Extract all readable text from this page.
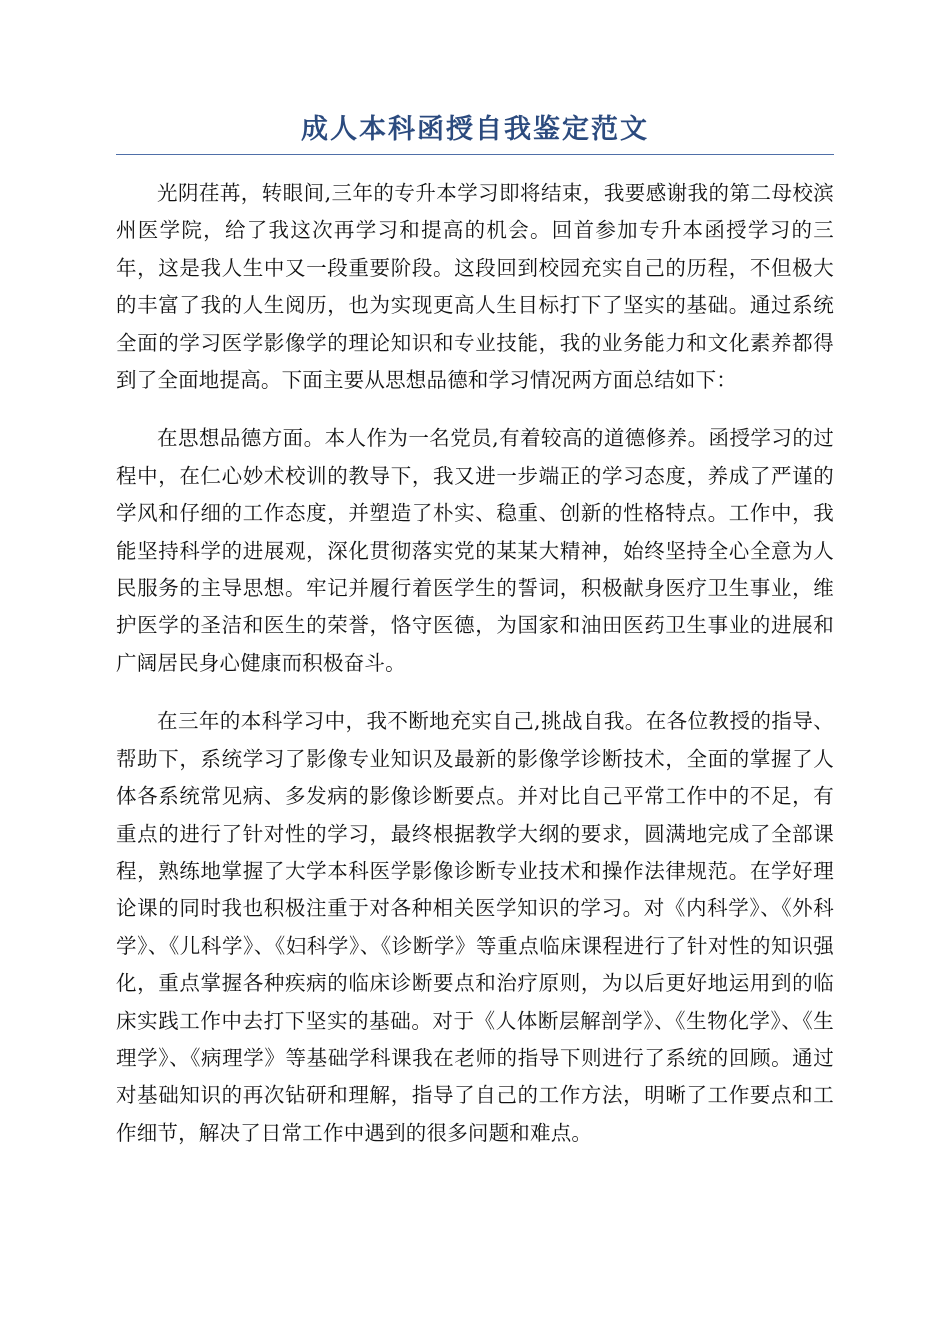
成人本科函授自我鉴定范文

光阴荏苒，转眼间,三年的专升本学习即将结束，我要感谢我的第二母校滨州医学院，给了我这次再学习和提高的机会。回首参加专升本函授学习的三年，这是我人生中又一段重要阶段。这段回到校园充实自己的历程，不但极大的丰富了我的人生阅历，也为实现更高人生目标打下了坚实的基础。通过系统全面的学习医学影像学的理论知识和专业技能，我的业务能力和文化素养都得到了全面地提高。下面主要从思想品德和学习情况两方面总结如下：

在思想品德方面。本人作为一名党员,有着较高的道德修养。函授学习的过程中，在仁心妙术校训的教导下，我又进一步端正的学习态度，养成了严谨的学风和仔细的工作态度，并塑造了朴实、稳重、创新的性格特点。工作中，我能坚持科学的进展观，深化贯彻落实党的某某大精神，始终坚持全心全意为人民服务的主导思想。牢记并履行着医学生的誓词，积极献身医疗卫生事业，维护医学的圣洁和医生的荣誉，恪守医德，为国家和油田医药卫生事业的进展和广阔居民身心健康而积极奋斗。

在三年的本科学习中，我不断地充实自己,挑战自我。在各位教授的指导、帮助下，系统学习了影像专业知识及最新的影像学诊断技术，全面的掌握了人体各系统常见病、多发病的影像诊断要点。并对比自己平常工作中的不足，有重点的进行了针对性的学习，最终根据教学大纲的要求，圆满地完成了全部课程，熟练地掌握了大学本科医学影像诊断专业技术和操作法律规范。在学好理论课的同时我也积极注重于对各种相关医学知识的学习。对《内科学》、《外科学》、《儿科学》、《妇科学》、《诊断学》等重点临床课程进行了针对性的知识强化，重点掌握各种疾病的临床诊断要点和治疗原则，为以后更好地运用到的临床实践工作中去打下坚实的基础。对于《人体断层解剖学》、《生物化学》、《生理学》、《病理学》等基础学科课我在老师的指导下则进行了系统的回顾。通过对基础知识的再次钻研和理解，指导了自己的工作方法，明晰了工作要点和工作细节，解决了日常工作中遇到的很多问题和难点。
